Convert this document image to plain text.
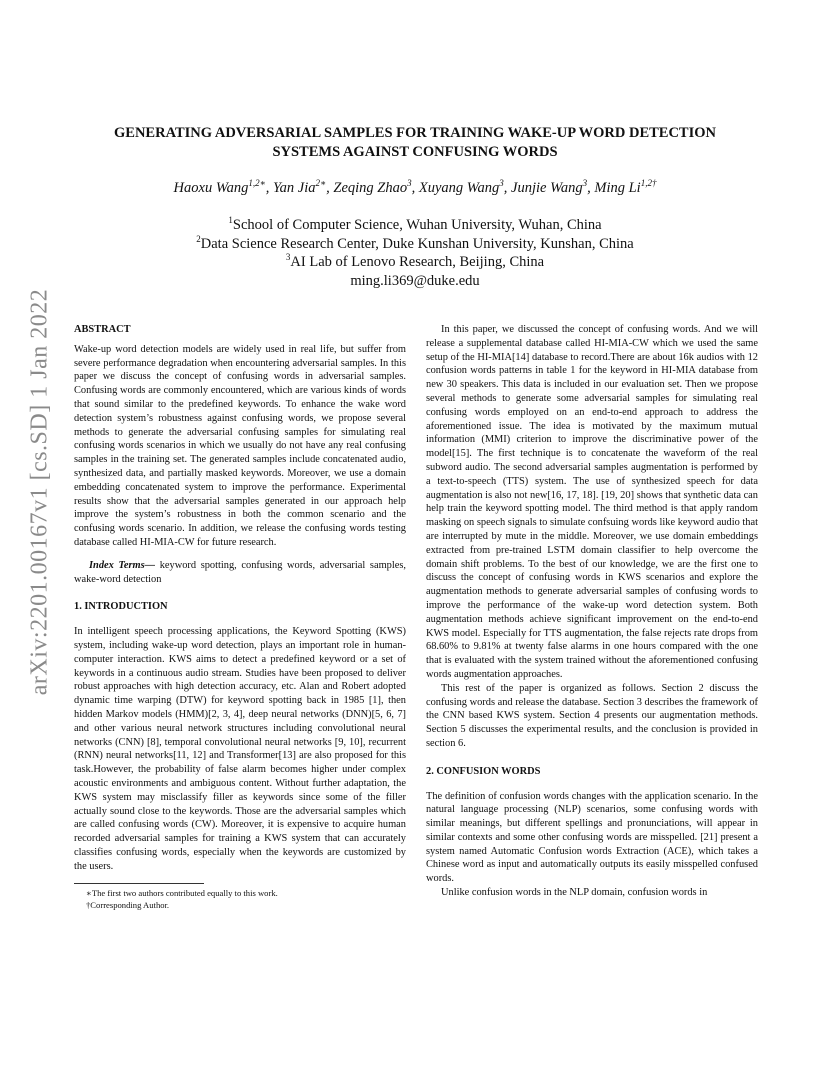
arXiv:2201.00167v1 [cs.SD] 1 Jan 2022
GENERATING ADVERSARIAL SAMPLES FOR TRAINING WAKE-UP WORD DETECTION
SYSTEMS AGAINST CONFUSING WORDS
Haoxu Wang$^{1,2∗}$, Yan Jia$^{2∗}$, Zeqing Zhao$^3$, Xuyang Wang$^3$, Junjie Wang$^3$, Ming $Li^{1,2\dagger}$
$^1$School of Computer Science, Wuhan University, Wuhan, China
$^2$Data Science Research Center, Duke Kunshan University, Kunshan, China
$^3$AI Lab of Lenovo Research, Beijing, China
ming.li369@duke.edu

ABSTRACT

Wake-up word detection models are widely used in real life, but suffer from severe performance degradation when encountering adversarial samples. In this paper we discuss the concept of confusing words in adversarial samples. Confusing words are commonly encountered, which are various kinds of words that sound similar to the predefined keywords. To enhance the wake word detection system’s robustness against confusing words, we propose several methods to generate the adversarial confusing samples for simulating real confusing words scenarios in which we usually do not have any real confusing samples in the training set. The generated samples include concatenated audio, synthesized data, and partially masked keywords. Moreover, we use a domain embedding concatenated system to improve the performance. Experimental results show that the adversarial samples generated in our approach help improve the system’s robustness in both the common scenario and the confusing words scenario. In addition, we release the confusing words testing database called HI-MIA-CW for future research.

Index Terms— keyword spotting, confusing words, adversarial samples, wake-word detection

1. INTRODUCTION

In intelligent speech processing applications, the Keyword Spotting (KWS) system, including wake-up word detection, plays an important role in human-computer interaction. KWS aims to detect a predefined keyword or a set of keywords in a continuous audio stream. Studies have been proposed to deliver robust approaches with high detection accuracy, etc. Alan and Robert adopted dynamic time warping (DTW) for keyword spotting back in 1985 [1], then hidden Markov models (HMM)[2, 3, 4], deep neural networks (DNN)[5, 6, 7] and other various neural network structures including convolutional neural networks (CNN) [8], temporal convolutional neural networks [9, 10], recurrent (RNN) neural networks[11, 12] and Transformer[13] are also proposed for this task.However, the probability of false alarm becomes higher under complex acoustic environments and ambiguous content. Without further adaptation, the KWS system may misclassify filler as keywords since some of the filler actually sound close to the keywords. Those are the adversarial samples which are called confusing words (CW). Moreover, it is expensive to acquire human recorded adversarial samples for training a KWS system that can accurately classifies confusing words, especially when the keywords are customized by the users.

∗The first two authors contributed equally to this work.

†Corresponding Author.

In this paper, we discussed the concept of confusing words. And we will release a supplemental database called HI-MIA-CW which we used the same setup of the HI-MIA[14] database to record.There are about 16k audios with 12 confusion words patterns in table 1 for the keyword in HI-MIA database from new 30 speakers. This data is included in our evaluation set. Then we propose several methods to generate some adversarial samples for simulating real confusing words employed on an end-to-end approach to address the aforementioned issue. The idea is motivated by the maximum mutual information (MMI) criterion to improve the discriminative power of the model[15]. The first technique is to concatenate the waveform of the real subword audio. The second adversarial samples augmentation is performed by a text-to-speech (TTS) system. The use of synthesized speech for data augmentation is also not new[16, 17, 18]. [19, 20] shows that synthetic data can help train the keyword spotting model. The third method is that apply random masking on speech signals to simulate confsuing words like keyword audio that are interrupted by mute in the middle. Moreover, we use domain embeddings extracted from pre-trained LSTM domain classifier to help overcome the domain shift problems. To the best of our knowledge, we are the first one to discuss the concept of confusing words in KWS scenarios and explore the augmentation methods to generate adversarial samples of confusing words to improve the performance of the wake-up word detection system. Both augmentation methods achieve significant improvement on the end-to-end KWS model. Especially for TTS augmentation, the false rejects rate drops from 68.60% to 9.81% at twenty false alarms in one hours compared with the one that is evaluated with the system trained without the aforementioned confusing words augmentation approaches.

This rest of the paper is organized as follows. Section 2 discuss the confusing words and release the database. Section 3 describes the framework of the CNN based KWS system. Section 4 presents our augmentation methods. Section 5 discusses the experimental results, and the conclusion is provided in section 6.

2. CONFUSION WORDS

The definition of confusion words changes with the application scenario. In the natural language processing (NLP) scenarios, some confusing words with similar meanings, but different spellings and pronunciations, will appear in similar contexts and some other confusing words are misspelled. [21] present a system named Automatic Confusion words Extraction (ACE), which takes a Chinese word as input and automatically outputs its easily misspelled confused words.

Unlike confusion words in the NLP domain, confusion words in
